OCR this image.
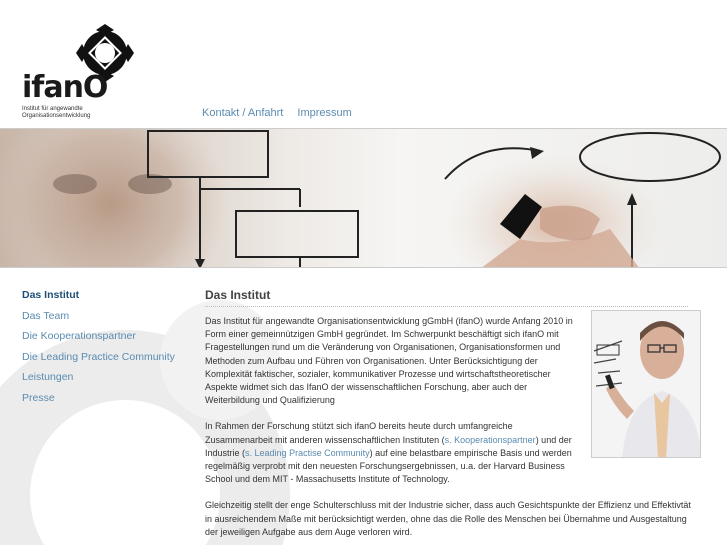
ifanO
Institut für angewandte
Organisationsentwicklung	Kontakt / Anfahrt Impressum
Das Institut
Das Team
Die Kooperationspartner
Die Leading Practice Community
Leistungen
Presse
Das Institut

Das Institut für angewandte Organisationsentwicklung gGmbH (ifanO) wurde Anfang 2010 in Form einer gemeinnützigen GmbH gegründet. Im Schwerpunkt beschäftigt sich ifanO mit Fragestellungen rund um die Veränderung von Organisationen, Organisationsformen und Methoden zum Aufbau und Führen von Organisationen. Unter Berücksichtigung der Komplexität faktischer, sozialer, kommunikativer Prozesse und wirtschaftstheoretischer Aspekte widmet sich das IfanO der wissenschaftlichen Forschung, aber auch der Weiterbildung und Qualifizierung

In Rahmen der Forschung stützt sich ifanO bereits heute durch umfangreiche Zusammenarbeit mit anderen wissenschaftlichen Instituten (s. Kooperationspartner) und der Industrie (s. Leading Practise Community) auf eine belastbare empirische Basis und werden regelmäßig verprobt mit den neuesten Forschungsergebnissen, u.a. der Harvard Business School und dem MIT - Massachusetts Institute of Technology.

Gleichzeitig stellt der enge Schulterschluss mit der Industrie sicher, dass auch Gesichtspunkte der Effizienz und Effektivtät in ausreichendem Maße mit berücksichtigt werden, ohne das die Rolle des Menschen bei Übernahme und Ausgestaltung der jeweiligen Aufgabe aus dem Auge verloren wird.
